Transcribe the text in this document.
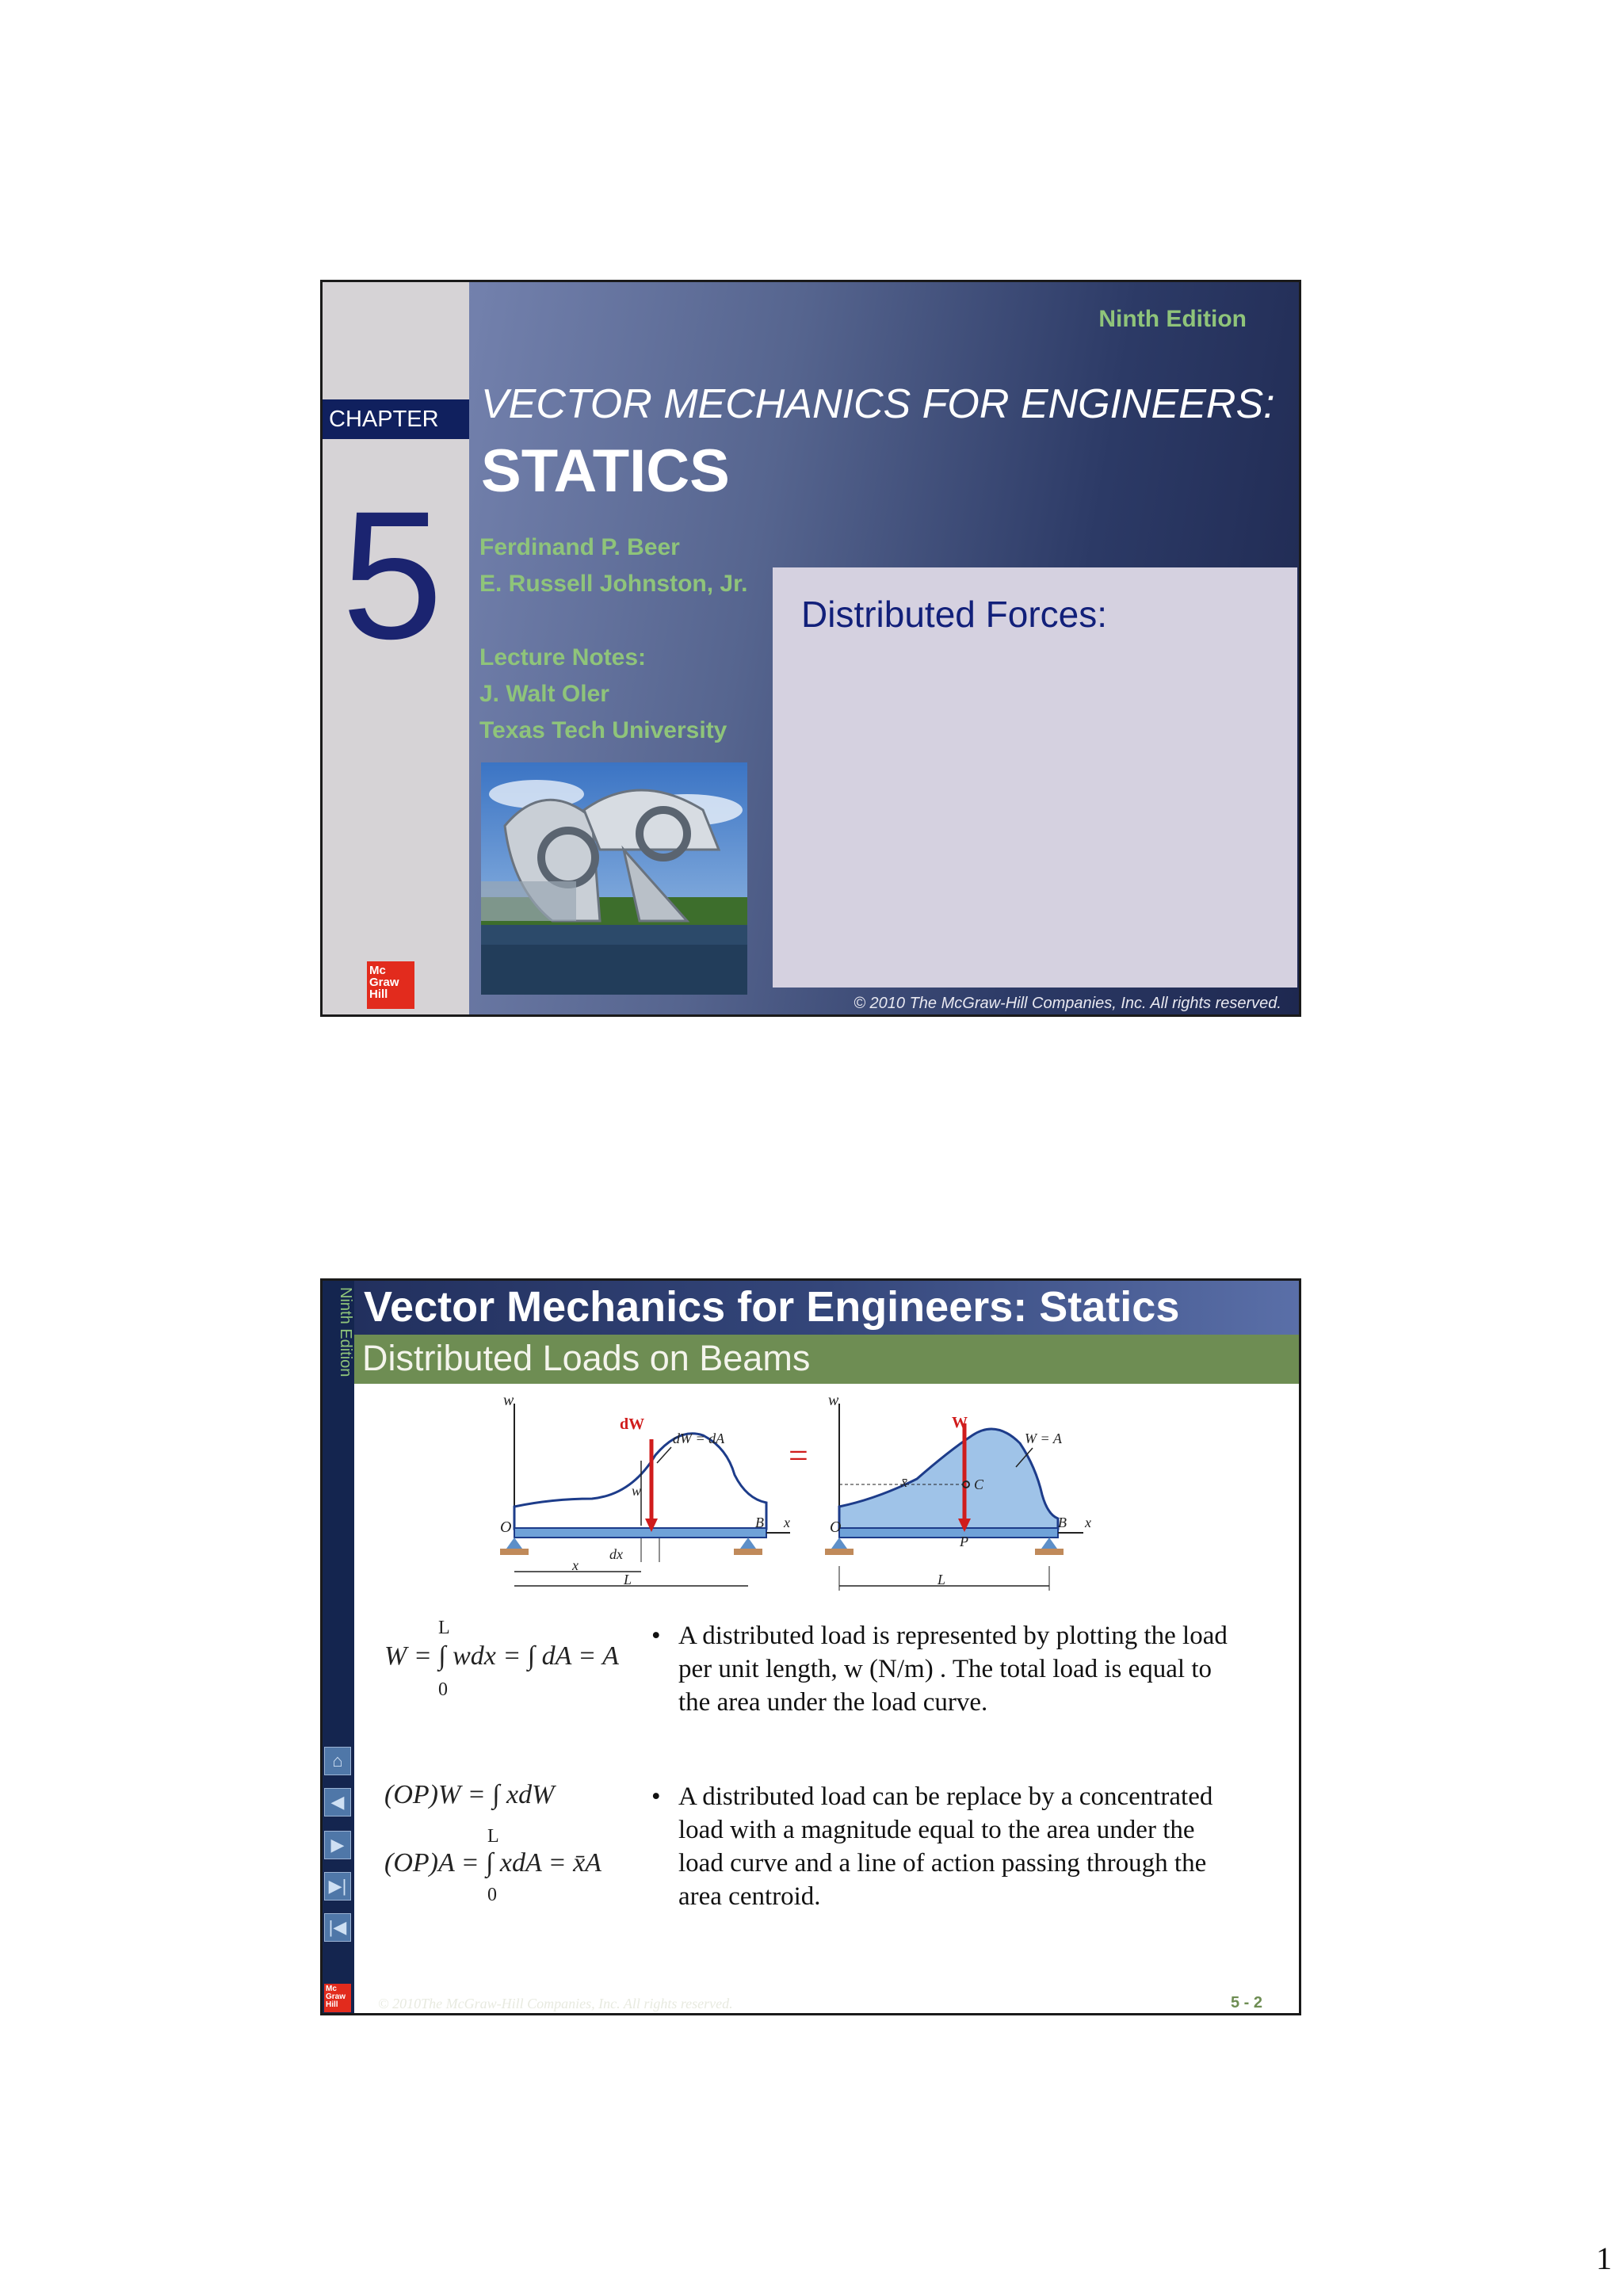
CHAPTER
5
Mc
Graw
Hill
Ninth Edition
VECTOR MECHANICS FOR ENGINEERS:
STATICS
Ferdinand P. Beer
E. Russell Johnston, Jr.
Lecture Notes:
J. Walt Oler
Texas Tech University
Distributed Forces:
© 2010 The McGraw-Hill Companies, Inc. All rights reserved.
Ninth Edition Vector Mechanics for Engineers: Statics
Distributed Loads on Beams
⌂
◀
▶
▶|
|◀
Mc
Graw
Hill
w
O	B x
dW
dW = dA
w
dx
x
L
=
w
O	B x
W
W = A
C
x̄
P
L
L
W = ∫ wdx = ∫ dA = A
0
(OP)W = ∫ xdW
L
(OP)A = ∫ xdA = x̄A
0
• A distributed load is represented by plotting the load
per unit length, w (N/m) . The total load is equal to
the area under the load curve.
• A distributed load can be replace by a concentrated
load with a magnitude equal to the area under the
load curve and a line of action passing through the
area centroid.
© 2010The McGraw-Hill Companies, Inc. All rights reserved.	5 - 2
1
